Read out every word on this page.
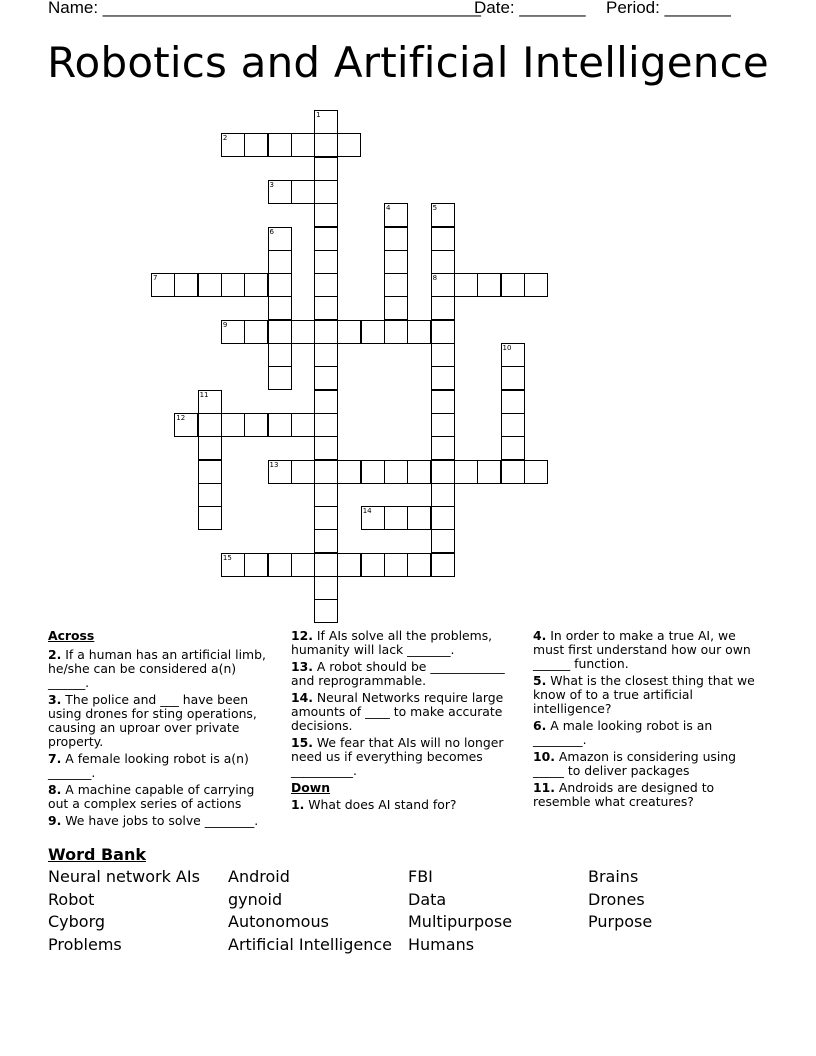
Name: ________________________________________

Date: _______

Period: _______

Robotics and Artificial Intelligence
1
2
3
4	5
8
6
7
9
10
11
12
13
14
15
Across
2. If a human has an artificial limb, he/she can be considered a(n) ______.
3. The police and ___ have been using drones for sting operations, causing an uproar over private property.
7. A female looking robot is a(n) _______.
8. A machine capable of carrying out a complex series of actions
9. We have jobs to solve ________.
12. If AIs solve all the problems, humanity will lack _______.
13. A robot should be ____________ and reprogrammable.
14. Neural Networks require large amounts of ____ to make accurate decisions.
15. We fear that AIs will no longer need us if everything becomes __________.
Down
1. What does AI stand for?
4. In order to make a true AI, we must first understand how our own ______ function.
5. What is the closest thing that we know of to a true artificial intelligence?
6. A male looking robot is an ________.
10. Amazon is considering using _____ to deliver packages
11. Androids are designed to resemble what creatures?
Word Bank
Neural network AIs
Robot
Cyborg
Problems
Android
gynoid
Autonomous
Artificial Intelligence
FBI
Data
Multipurpose
Humans
Brains
Drones
Purpose
